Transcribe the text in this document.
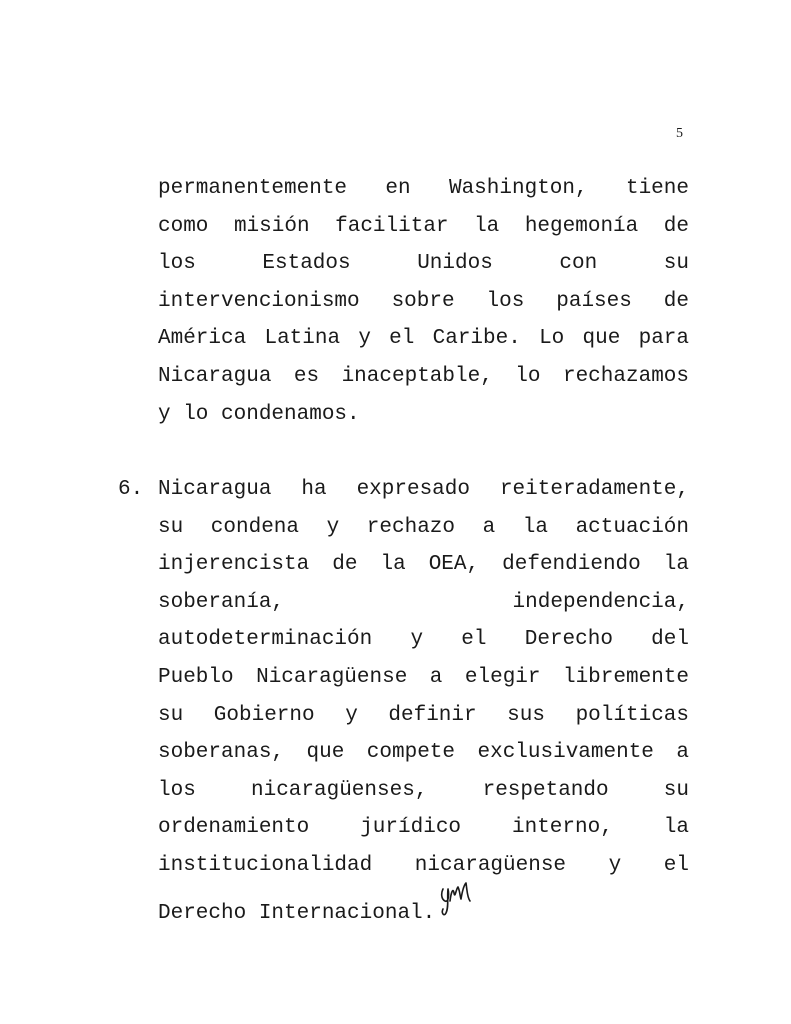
5
permanentemente en Washington, tiene
como misión facilitar la hegemonía de
los Estados Unidos con su
intervencionismo sobre los países de
América Latina y el Caribe. Lo que para
Nicaragua es inaceptable, lo rechazamos
y lo condenamos.
6. Nicaragua ha expresado reiteradamente,
su condena y rechazo a la actuación
injerencista de la OEA, defendiendo la
soberanía, independencia,
autodeterminación y el Derecho del
Pueblo Nicaragüense a elegir libremente
su Gobierno y definir sus políticas
soberanas, que compete exclusivamente a
los nicaragüenses, respetando su
ordenamiento jurídico interno, la
institucionalidad nicaragüense y el
Derecho Internacional.
